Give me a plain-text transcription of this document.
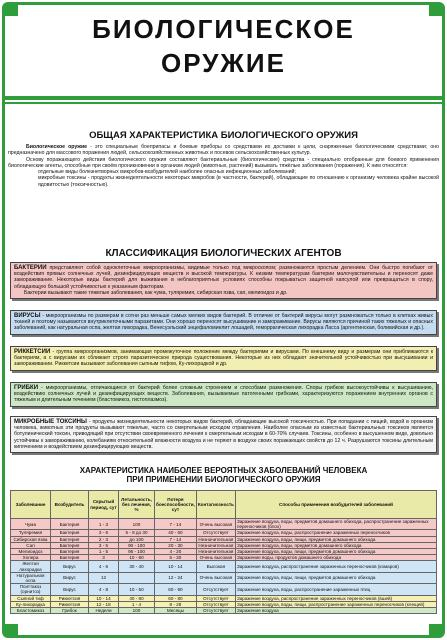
БИОЛОГИЧЕСКОЕ
ОРУЖИЕ
ОБЩАЯ ХАРАКТЕРИСТИКА БИОЛОГИЧЕСКОГО ОРУЖИЯ
Биологическое оружие - это специальные боеприпасы и боевые приборы со средствами их доставки к цели, снаряженные биологическими средствами; оно предназначено для массового поражения людей, сельскохозяйственных животных и посевов сельскохозяйственных культур.
Основу поражающего действия биологического оружия составляют бактериальные (биологические) средства - специально отобранные для боевого применения биологические агенты, способные при своём проникновении в организм людей (животных, растений) вызывать тяжёлые заболевания (поражения). К ним относятся:
отдельные виды болезнетворных микробов-возбудителей наиболее опасных инфекционных заболеваний;
микробные токсины - продукты жизнедеятельности некоторых микробов (в частности, бактерий), обладающие по отношению к организму человека крайне высокой ядовитостью (токсичностью).
КЛАССИФИКАЦИЯ БИОЛОГИЧЕСКИХ АГЕНТОВ
БАКТЕРИИ представляют собой одноклеточные микроорганизмы, видимые только под микроскопом; размножаются простым делением. Они быстро погибают от воздействия прямых солнечных лучей, дезинфицирующих веществ и высокой температуры. К низким температурам бактерии малочувствительны и переносят даже замораживание. Некоторые виды бактерий для выживания в неблагоприятных условиях способны покрываться защитной капсулой или превращаться в спору, обладающую большой устойчивостью к указанным факторам.
Бактерии вызывают такие тяжелые заболевания, как чума, туляремия, сибирская язва, сап, мелиоидоз и др.
ВИРУСЫ - микроорганизмы по размерам в сотни раз меньше самых мелких видов бактерий. В отличие от бактерий вирусы могут размножаться только в клетках живых тканей и поэтому называются внутриклеточными паразитами. Они хорошо переносят высушивание и замораживание. Вирусы являются причиной таких тяжелых и опасных заболеваний, как натуральная оспа, желтая лихорадка, Венесуэльский энцефаломиелит лошадей, геморрагическая лихорадка Ласса (аргентинская, боливийская и др.).
РИККЕТСИИ - группа микроорганизмов, занимающая промежуточное положение между бактериями и вирусами. По внешнему виду и размерам они приближаются к бактериям, а с вирусами их сближает строго паразитическое природа существования. Некоторые из них обладают значительной устойчивостью при высушивании и замораживании. Риккетсии вызывают заболевания сыпным тифом, Ку-лихорадкой и др.
ГРИБКИ - микроорганизмы, отличающиеся от бактерий более сложным строением и способами размножения. Споры грибков высокоустойчивы к высушиванию, воздействию солнечных лучей и дезинфицирующих веществ. Заболевания, вызываемые патогенными грибками, характеризуются поражением внутренних органов с тяжелым и длительным течением (бластомикоз, гистоплазмоз).
МИКРОБНЫЕ ТОКСИНЫ - продукты жизнедеятельности некоторых видов бактерий, обладающие высокой токсичностью. При попадании с пищей, водой в организм человека, животных эти продукты вызывают тяжелые, часто со смертельным исходом отравления. Наиболее опасным из известных бактериальных токсинов является ботулинический токсин, приводящий при отсутствии своевременного лечения к смертельным исходам в 60-70% случаев. Токсины, особенно в высушенном виде, довольно устойчивы к замораживанию, колебаниям относительной влажности воздуха и не теряют в воздухе своих поражающих свойств до 12 ч. Разрушаются токсины длительным кипячением и воздействием дезинфицирующих веществ.
ХАРАКТЕРИСТИКА НАИБОЛЕЕ ВЕРОЯТНЫХ ЗАБОЛЕВАНИЙ ЧЕЛОВЕКА
ПРИ ПРИМЕНЕНИИ БИОЛОГИЧЕСКОГО ОРУЖИЯ
Заболевание	Возбудитель	Скрытый период, сут	Летальность, без лечения, %	Потеря боеспособности, сут	Контагиозность	Способы применения возбудителей заболеваний
Чума	Бактерия	1 - 3	100	7 - 14	Очень высокая	Заражение воздуха, воды, предметов домашнего обихода, распространение зараженных переносчиков (блох)
Туляремия	Бактерия	3 - 6	5 - 8 до 30	40 - 60	Отсутствует	Заражение воздуха, воды, распространение зараженных переносчиков
Сибирская язва	Бактерия	2 - 3	до 100	7 - 14	Незначительная	Заражение воздуха, воды, пищи, предметов домашнего обихода
Сап	Бактерия	3 - 5	90 - 100	20 - 30	Незначительная	Заражение воздуха, воды, предметов домашнего обихода
Мелиоидоз	Бактерия	1 - 5	95 - 100	4 - 20	Незначительная	Заражение воздуха, воды, пищи, предметов домашнего обихода
Холера	Бактерия	3	10 - 80	5 - 30	Очень высокая	Заражение воды, продуктов домашнего обихода
Желтая лихорадка	Вирус	4 - 6	30 - 40	10 - 14	Высокая	Заражение воздуха, распространение зараженных переносчиков (комаров)
Натуральная оспа	Вирус	12		12 - 24	Очень высокая	Заражение воздуха, воды, пищи, предметов домашнего обихода
Пситтакоз (орнитоз)	Вирус	4 - 8	10 - 50	60 - 90	Отсутствует	Заражение воздуха, воды, распространение зараженных птиц
Сыпной тиф	Риккетсия	10 - 14	40 - 80	60 - 80	Отсутствует	Заражение воздуха, распространение зараженных переносчиков (вшей)
Ку-лихорадка	Риккетсия	12 - 18	1 - 4	8 - 28	Отсутствует	Заражение воздуха, воды, пищи, распространение зараженных переносчиков (клещей)
Бластомикоз	Грибок	Недели	100	Месяцы	Отсутствует	Заражение воздуха
